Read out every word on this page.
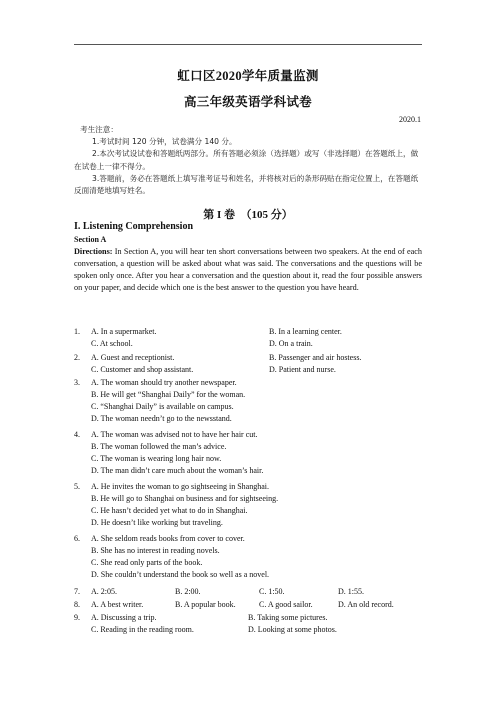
虹口区2020学年质量监测
高三年级英语学科试卷
2020.1
考生注意：
1.考试时间 120 分钟，试卷满分 140 分。
2.本次考试设试卷和答题纸两部分。所有答题必须涂（选择题）或写（非选择题）在答题纸上，做在试卷上一律不得分。
3.答题前，务必在答题纸上填写准考证号和姓名，并将核对后的条形码贴在指定位置上，在答题纸反面清楚地填写姓名。
第 I 卷　（105 分）
I. Listening Comprehension
Section A
Directions: In Section A, you will hear ten short conversations between two speakers. At the end of each conversation, a question will be asked about what was said. The conversations and the questions will be spoken only once. After you hear a conversation and the question about it, read the four possible answers on your paper, and decide which one is the best answer to the question you have heard.
1. A. In a supermarket.	B. In a learning center.
C. At school.	D. On a train.
2. A. Guest and receptionist.	B. Passenger and air hostess.
C. Customer and shop assistant.	D. Patient and nurse.
3. A. The woman should try another newspaper.
B. He will get “Shanghai Daily” for the woman.
C. “Shanghai Daily” is available on campus.
D. The woman needn’t go to the newsstand.
4. A. The woman was advised not to have her hair cut.
B. The woman followed the man’s advice.
C. The woman is wearing long hair now.
D. The man didn’t care much about the woman’s hair.
5. A. He invites the woman to go sightseeing in Shanghai.
B. He will go to Shanghai on business and for sightseeing.
C. He hasn’t decided yet what to do in Shanghai.
D. He doesn’t like working but traveling.
6. A. She seldom reads books from cover to cover.
B. She has no interest in reading novels.
C. She read only parts of the book.
D. She couldn’t understand the book so well as a novel.
7. A. 2:05.	B. 2:00.	C. 1:50.	D. 1:55.
8. A. A best writer.	B. A popular book.	C. A good sailor.	D. An old record.
9. A. Discussing a trip.	B. Taking some pictures.
C. Reading in the reading room.	D. Looking at some photos.
